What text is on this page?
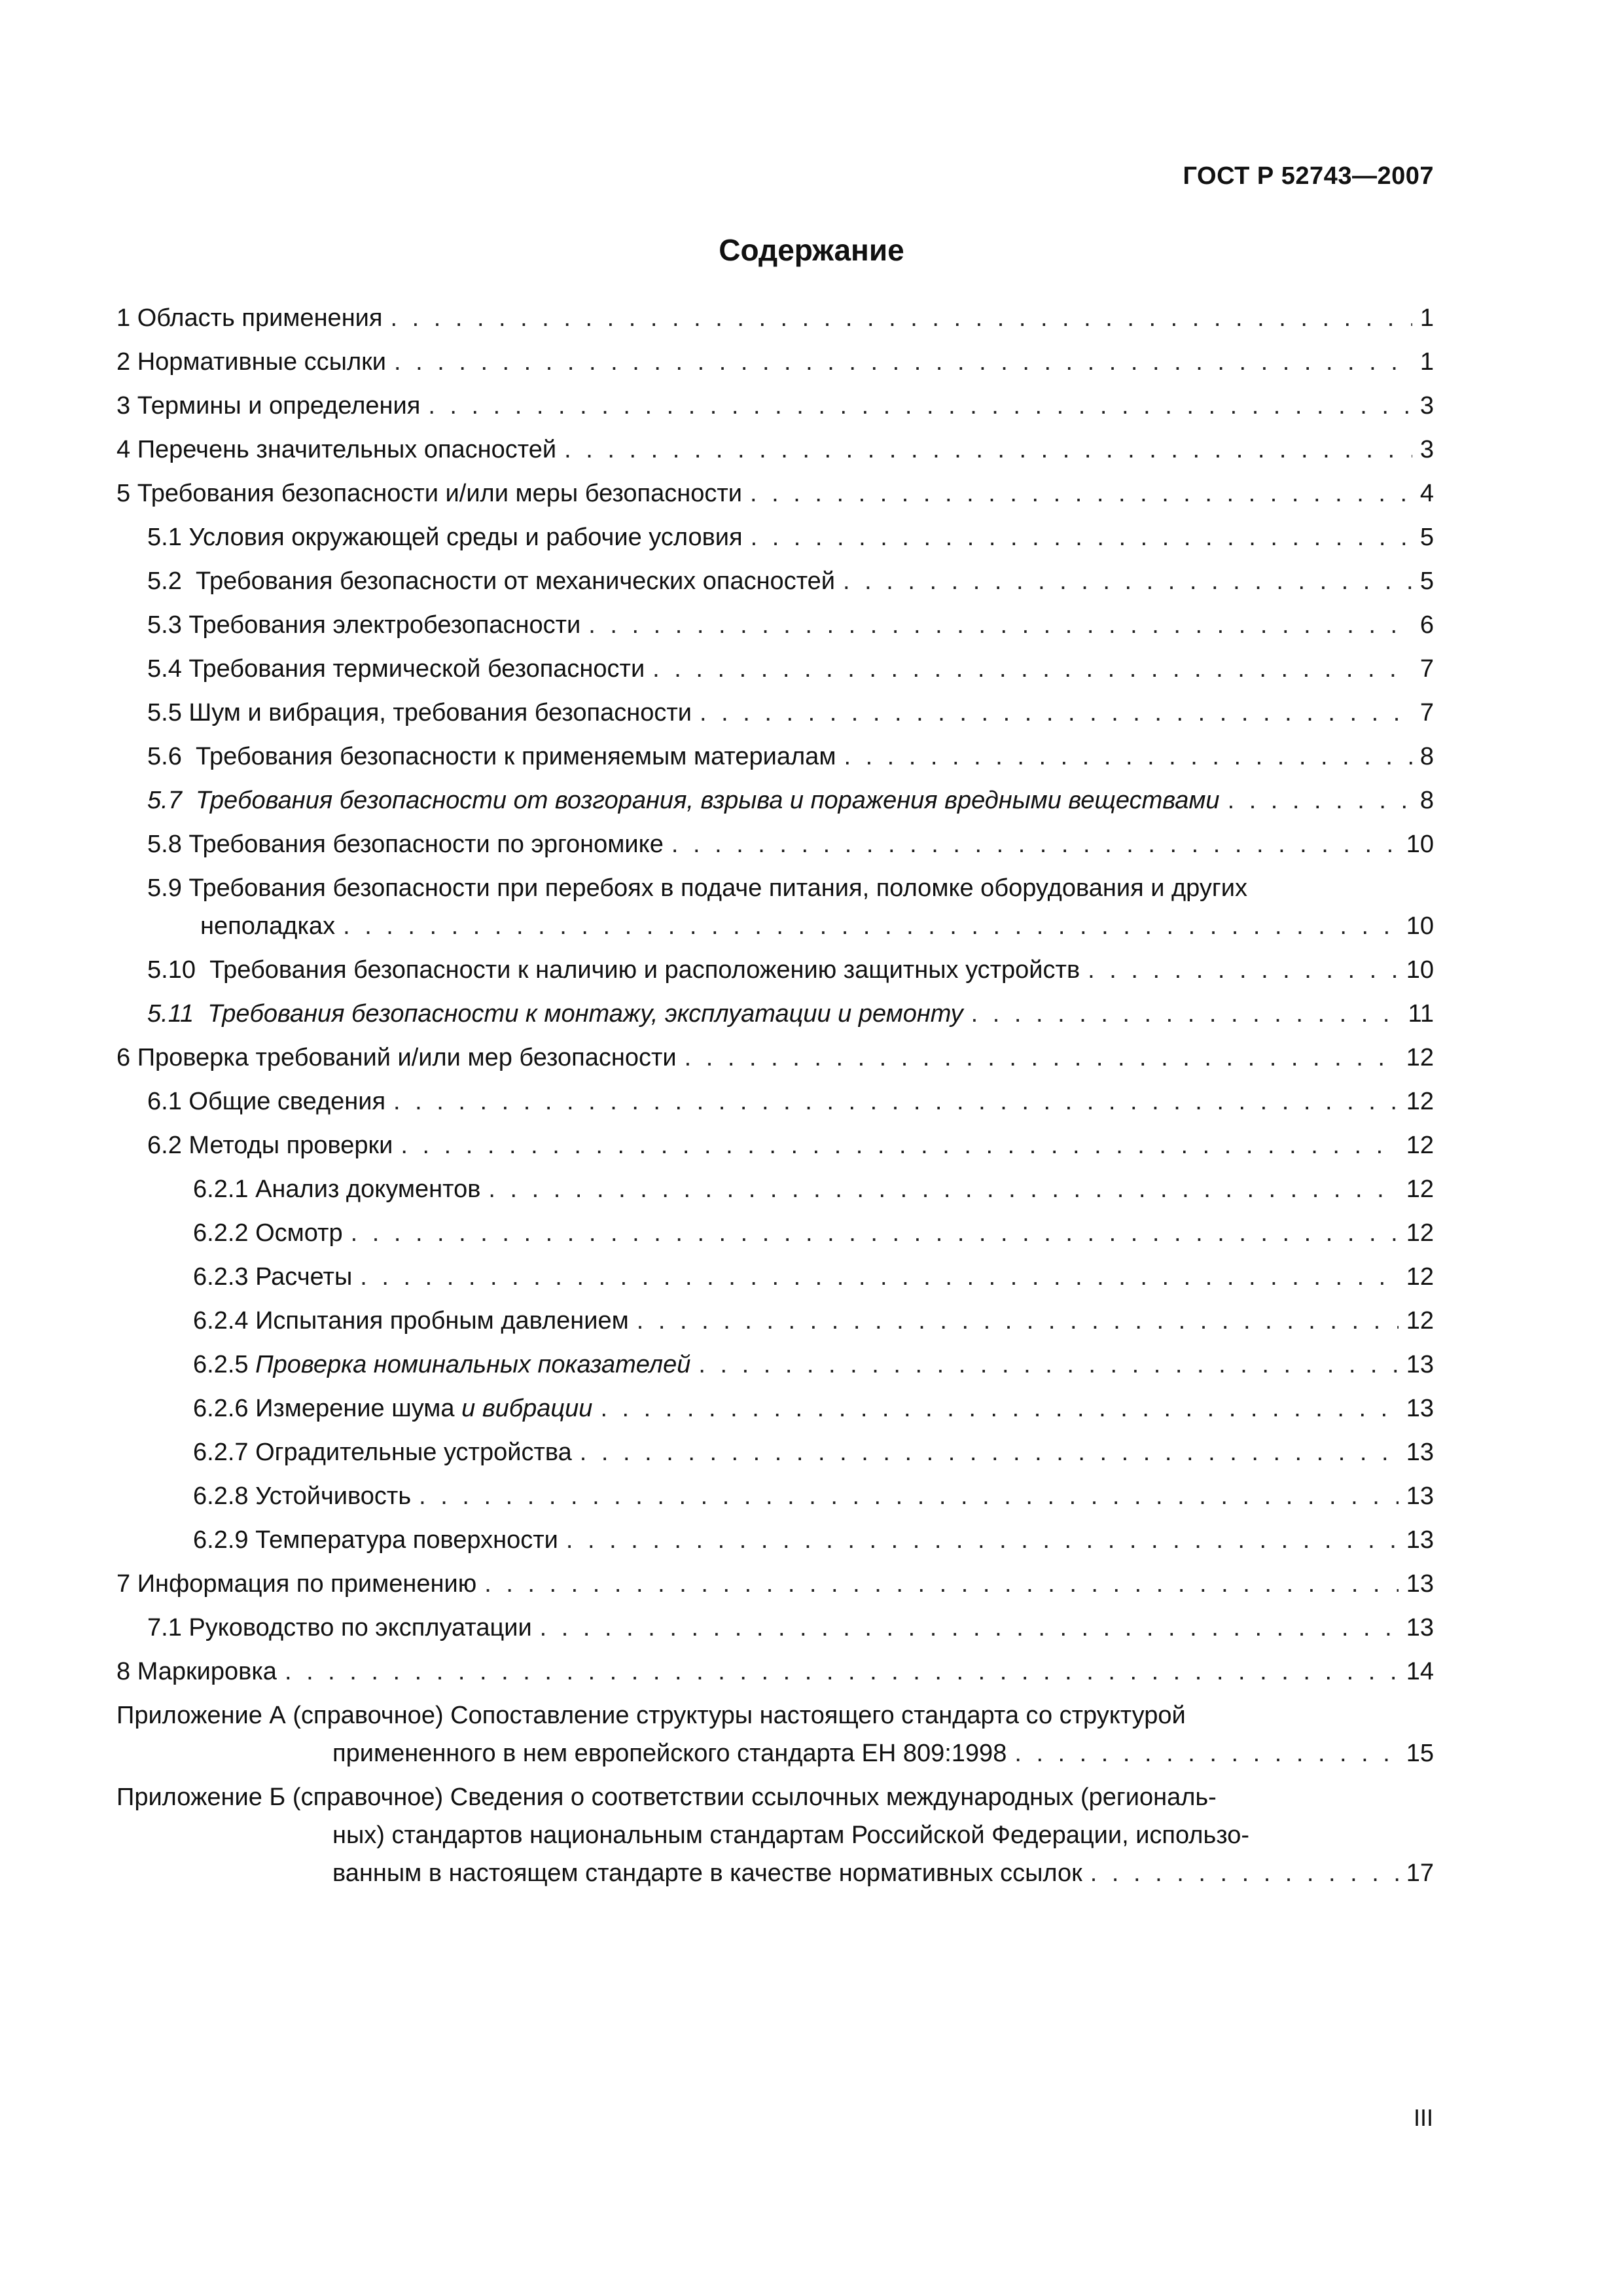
ГОСТ Р 52743—2007
Содержание
1 Область применения . . .	1
2 Нормативные ссылки . . .	1
3 Термины и определения . . .	3
4 Перечень значительных опасностей . . .	3
5 Требования безопасности и/или меры безопасности . . .	4
5.1 Условия окружающей среды и рабочие условия . . .	5
5.2  Требования безопасности от механических опасностей . . .	5
5.3 Требования электробезопасности . . .	6
5.4 Требования термической безопасности . . .	7
5.5 Шум и вибрация, требования безопасности . . .	7
5.6  Требования безопасности к применяемым материалам . . .	8
5.7  Требования безопасности от возгорания, взрыва и поражения вредными веществами . . .	8
5.8 Требования безопасности по эргономике . . .	10
5.9 Требования безопасности при перебоях в подаче питания, поломке оборудования и других
неполадках . . .	10
5.10  Требования безопасности к наличию и расположению защитных устройств . . .	10
5.11  Требования безопасности к монтажу, эксплуатации и ремонту . . .	11
6 Проверка требований и/или мер безопасности . . .	12
6.1 Общие сведения . . .	12
6.2 Методы проверки . . .	12
6.2.1 Анализ документов . . .	12
6.2.2 Осмотр . . .	12
6.2.3 Расчеты . . .	12
6.2.4 Испытания пробным давлением . . .	12
6.2.5 Проверка номинальных показателей . . .	13
6.2.6 Измерение шума и вибрации . . .	13
6.2.7 Оградительные устройства . . .	13
6.2.8 Устойчивость . . .	13
6.2.9 Температура поверхности . . .	13
7 Информация по применению . . .	13
7.1 Руководство по эксплуатации . . .	13
8 Маркировка . . .	14
Приложение А (справочное) Сопоставление структуры настоящего стандарта со структурой
примененного в нем европейского стандарта ЕН 809:1998 . . .	15
Приложение Б (справочное) Сведения о соответствии ссылочных международных (региональ-
ных) стандартов национальным стандартам Российской Федерации, использо-
ванным в настоящем стандарте в качестве нормативных ссылок . . .	17
III
